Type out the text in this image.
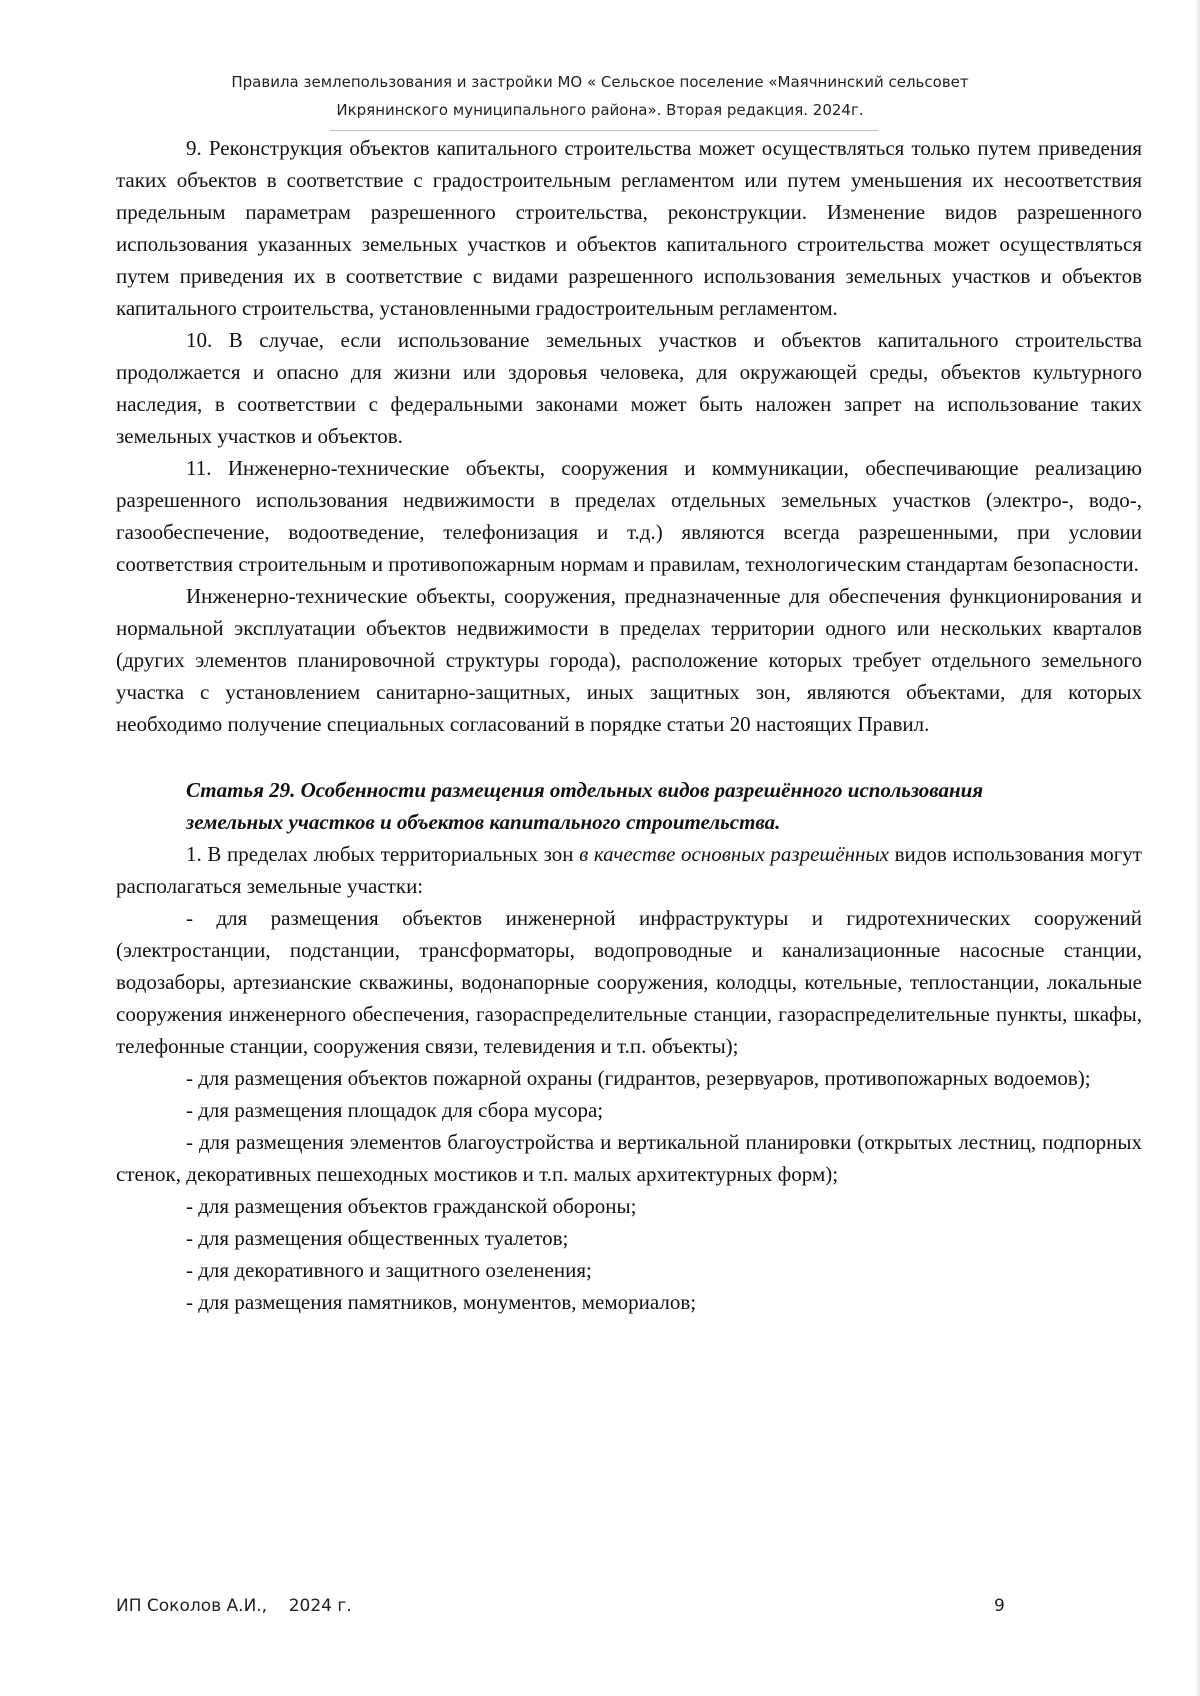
Правила землепользования и застройки МО « Сельское поселение «Маячнинский сельсовет
Икрянинского муниципального района». Вторая редакция. 2024г.

9. Реконструкция объектов капитального строительства может осуществляться только путем приведения таких объектов в соответствие с градостроительным регламентом или путем уменьшения их несоответствия предельным параметрам разрешенного строительства, реконструкции. Изменение видов разрешенного использования указанных земельных участков и объектов капитального строительства может осуществляться путем приведения их в соответствие с видами разрешенного использования земельных участков и объектов капитального строительства, установленными градостроительным регламентом.

10. В случае, если использование земельных участков и объектов капитального строительства продолжается и опасно для жизни или здоровья человека, для окружающей среды, объектов культурного наследия, в соответствии с федеральными законами может быть наложен запрет на использование таких земельных участков и объектов.

11. Инженерно-технические объекты, сооружения и коммуникации, обеспечивающие реализацию разрешенного использования недвижимости в пределах отдельных земельных участков (электро-, водо-, газообеспечение, водоотведение, телефонизация и т.д.) являются всегда разрешенными, при условии соответствия строительным и противопожарным нормам и правилам, технологическим стандартам безопасности.

Инженерно-технические объекты, сооружения, предназначенные для обеспечения функционирования и нормальной эксплуатации объектов недвижимости в пределах территории одного или нескольких кварталов (других элементов планировочной структуры города), расположение которых требует отдельного земельного участка с установлением санитарно-защитных, иных защитных зон, являются объектами, для которых необходимо получение специальных согласований в порядке статьи 20 настоящих Правил.

Статья 29. Особенности размещения отдельных видов разрешённого использования
земельных участков и объектов капитального строительства.

1. В пределах любых территориальных зон в качестве основных разрешённых видов использования могут располагаться земельные участки:

- для размещения объектов инженерной инфраструктуры и гидротехнических сооружений (электростанции, подстанции, трансформаторы, водопроводные и канализационные насосные станции, водозаборы, артезианские скважины, водонапорные сооружения, колодцы, котельные, теплостанции, локальные сооружения инженерного обеспечения, газораспределительные станции, газораспределительные пункты, шкафы, телефонные станции, сооружения связи, телевидения и т.п. объекты);

- для размещения объектов пожарной охраны (гидрантов, резервуаров, противопожарных водоемов);

- для размещения площадок для сбора мусора;

- для размещения элементов благоустройства и вертикальной планировки (открытых лестниц, подпорных стенок, декоративных пешеходных мостиков и т.п. малых архитектурных форм);

- для размещения объектов гражданской обороны;

- для размещения общественных туалетов;

- для декоративного и защитного озеленения;

- для размещения памятников, монументов, мемориалов;

ИП Соколов А.И.,    2024 г.	9
